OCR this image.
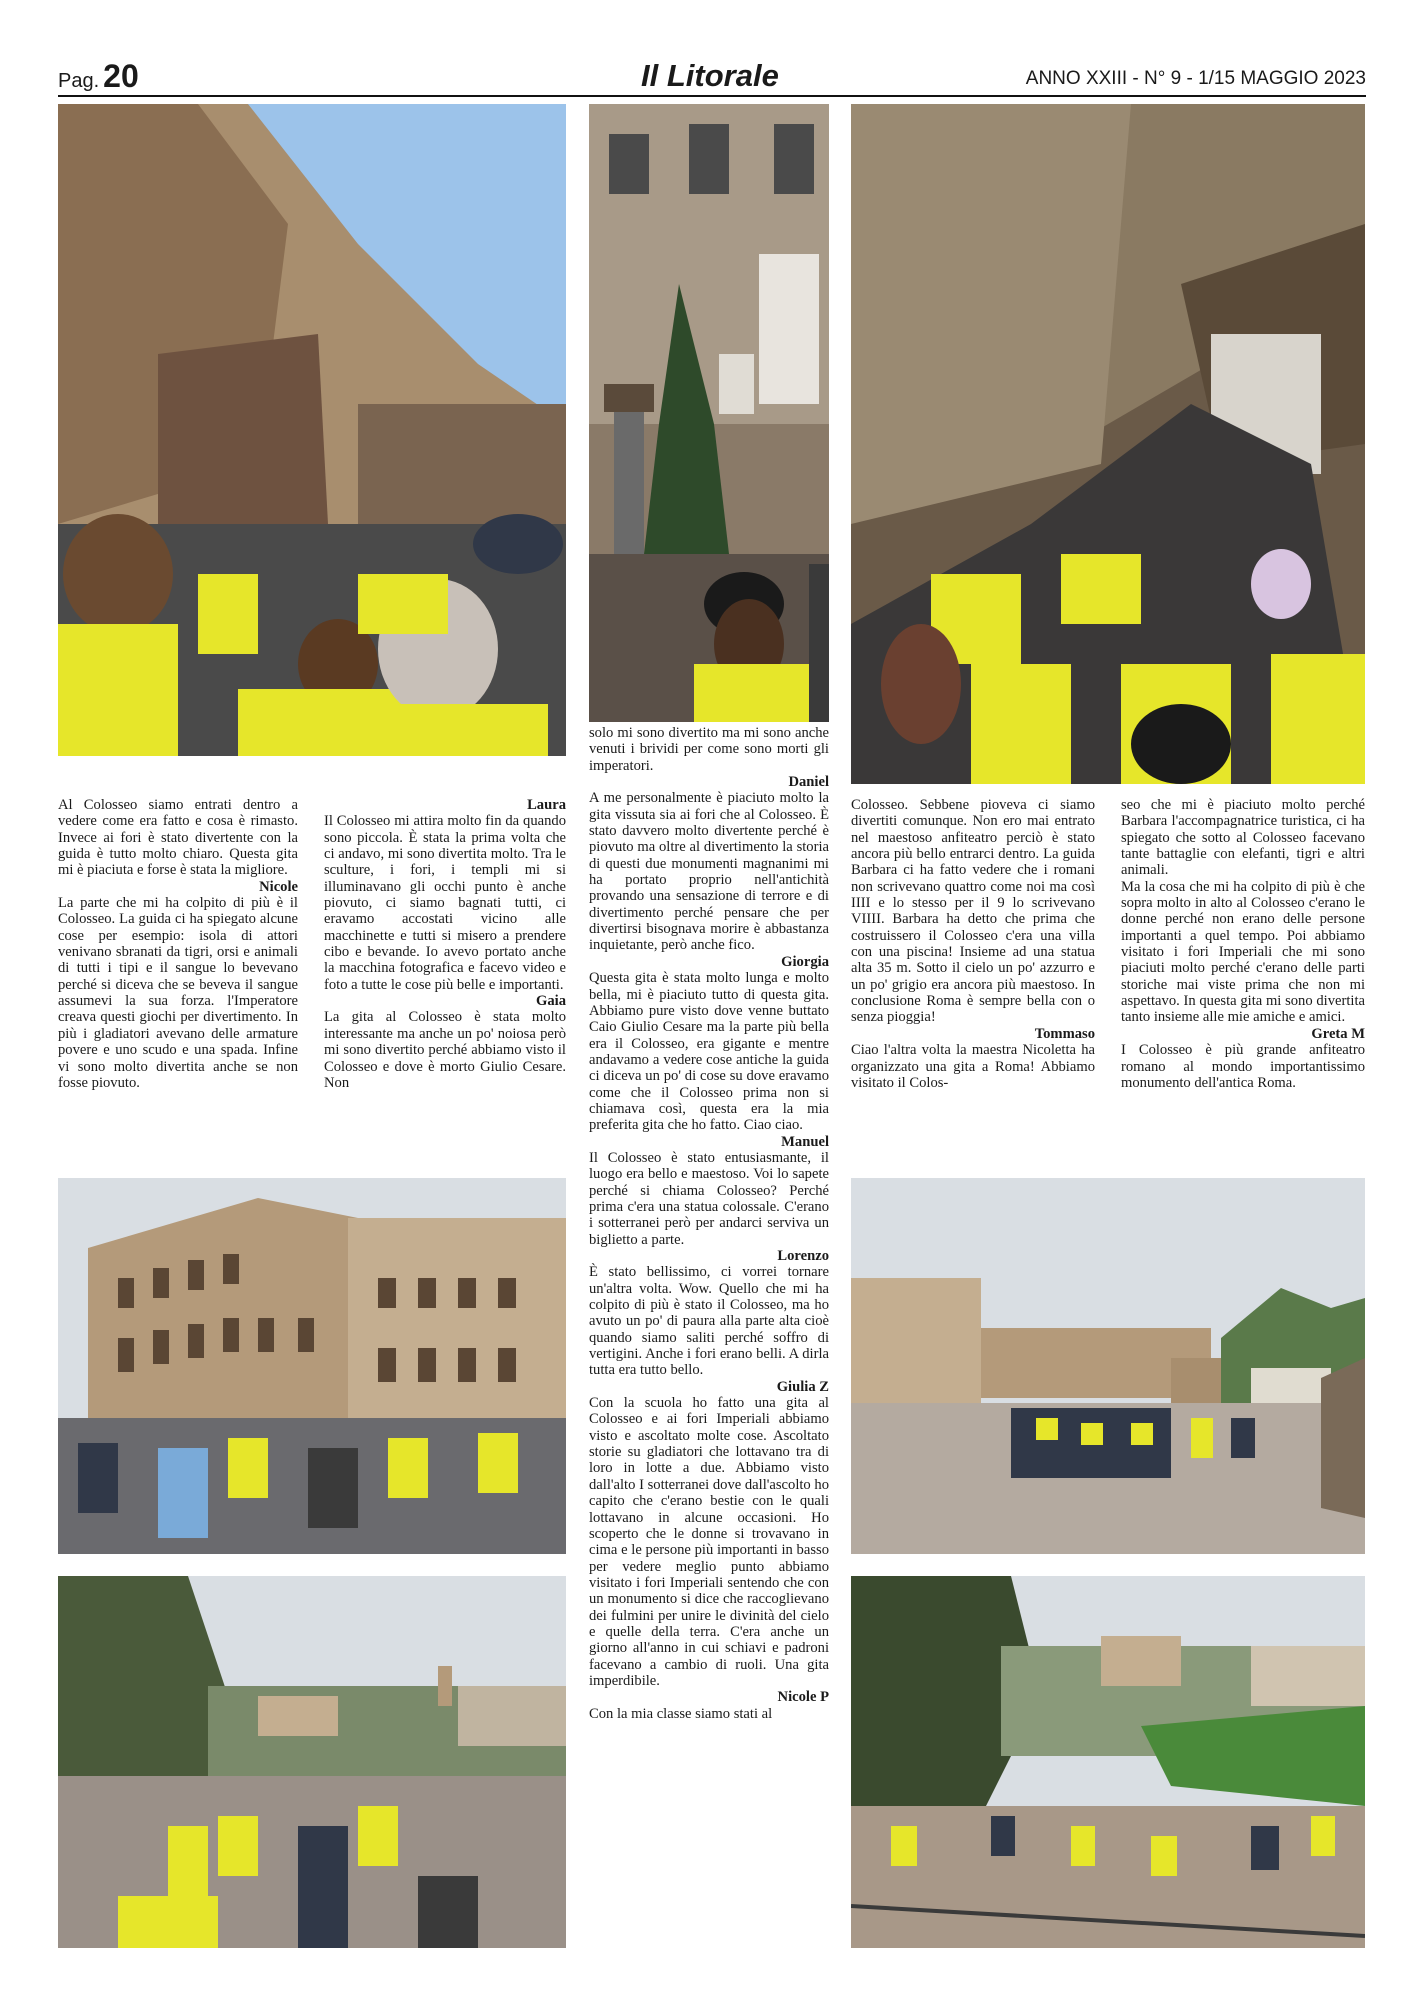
Pag. 20	Il Litorale	ANNO XXIII - N° 9 - 1/15 MAGGIO 2023

Al Colosseo siamo entrati dentro a vedere come era fatto e cosa è rimasto. Invece ai fori è stato divertente con la guida è tutto molto chiaro. Questa gita mi è piaciuta e forse è stata la migliore.

Nicole

La parte che mi ha colpito di più è il Colosseo. La guida ci ha spiegato alcune cose per esempio: isola di attori venivano sbranati da tigri, orsi e animali di tutti i tipi e il sangue lo bevevano perché si diceva che se beveva il sangue assumevi la sua forza. l'Imperatore creava questi giochi per divertimento. In più i gladiatori avevano delle armature povere e uno scudo e una spada. Infine vi sono molto divertita anche se non fosse piovuto.

Laura

Il Colosseo mi attira molto fin da quando sono piccola. È stata la prima volta che ci andavo, mi sono divertita molto. Tra le sculture, i fori, i templi mi si illuminavano gli occhi punto è anche piovuto, ci siamo bagnati tutti, ci eravamo accostati vicino alle macchinette e tutti si misero a prendere cibo e bevande. Io avevo portato anche la macchina fotografica e facevo video e foto a tutte le cose più belle e importanti.

Gaia

La gita al Colosseo è stata molto interessante ma anche un po' noiosa però mi sono divertito perché abbiamo visto il Colosseo e dove è morto Giulio Cesare. Non

solo mi sono divertito ma mi sono anche venuti i brividi per come sono morti gli imperatori.

Daniel

A me personalmente è piaciuto molto la gita vissuta sia ai fori che al Colosseo. È stato davvero molto divertente perché è piovuto ma oltre al divertimento la storia di questi due monumenti magnanimi mi ha portato proprio nell'antichità provando una sensazione di terrore e di divertimento perché pensare che per divertirsi bisognava morire è abbastanza inquietante, però anche fico.

Giorgia

Questa gita è stata molto lunga e molto bella, mi è piaciuto tutto di questa gita. Abbiamo pure visto dove venne buttato Caio Giulio Cesare ma la parte più bella era il Colosseo, era gigante e mentre andavamo a vedere cose antiche la guida ci diceva un po' di cose su dove eravamo come che il Colosseo prima non si chiamava così, questa era la mia preferita gita che ho fatto. Ciao ciao.

Manuel

Il Colosseo è stato entusiasmante, il luogo era bello e maestoso. Voi lo sapete perché si chiama Colosseo? Perché prima c'era una statua colossale. C'erano i sotterranei però per andarci serviva un biglietto a parte.

Lorenzo

È stato bellissimo, ci vorrei tornare un'altra volta. Wow. Quello che mi ha colpito di più è stato il Colosseo, ma ho avuto un po' di paura alla parte alta cioè quando siamo saliti perché soffro di vertigini. Anche i fori erano belli. A dirla tutta era tutto bello.

Giulia Z

Con la scuola ho fatto una gita al Colosseo e ai fori Imperiali abbiamo visto e ascoltato molte cose. Ascoltato storie su gladiatori che lottavano tra di loro in lotte a due. Abbiamo visto dall'alto I sotterranei dove dall'ascolto ho capito che c'erano bestie con le quali lottavano in alcune occasioni. Ho scoperto che le donne si trovavano in cima e le persone più importanti in basso per vedere meglio punto abbiamo visitato i fori Imperiali sentendo che con un monumento si dice che raccoglievano dei fulmini per unire le divinità del cielo e quelle della terra. C'era anche un giorno all'anno in cui schiavi e padroni facevano a cambio di ruoli. Una gita imperdibile.

Nicole P

Con la mia classe siamo stati al

Colosseo. Sebbene pioveva ci siamo divertiti comunque. Non ero mai entrato nel maestoso anfiteatro perciò è stato ancora più bello entrarci dentro. La guida Barbara ci ha fatto vedere che i romani non scrivevano quattro come noi ma così IIII e lo stesso per il 9 lo scrivevano VIIII. Barbara ha detto che prima che costruissero il Colosseo c'era una villa con una piscina! Insieme ad una statua alta 35 m. Sotto il cielo un po' azzurro e un po' grigio era ancora più maestoso. In conclusione Roma è sempre bella con o senza pioggia!

Tommaso

Ciao l'altra volta la maestra Nicoletta ha organizzato una gita a Roma! Abbiamo visitato il Colos-

seo che mi è piaciuto molto perché Barbara l'accompagnatrice turistica, ci ha spiegato che sotto al Colosseo facevano tante battaglie con elefanti, tigri e altri animali.

Ma la cosa che mi ha colpito di più è che sopra molto in alto al Colosseo c'erano le donne perché non erano delle persone importanti a quel tempo. Poi abbiamo visitato i fori Imperiali che mi sono piaciuti molto perché c'erano delle parti storiche mai viste prima che non mi aspettavo. In questa gita mi sono divertita tanto insieme alle mie amiche e amici.

Greta M

I Colosseo è più grande anfiteatro romano al mondo importantissimo monumento dell'antica Roma.
